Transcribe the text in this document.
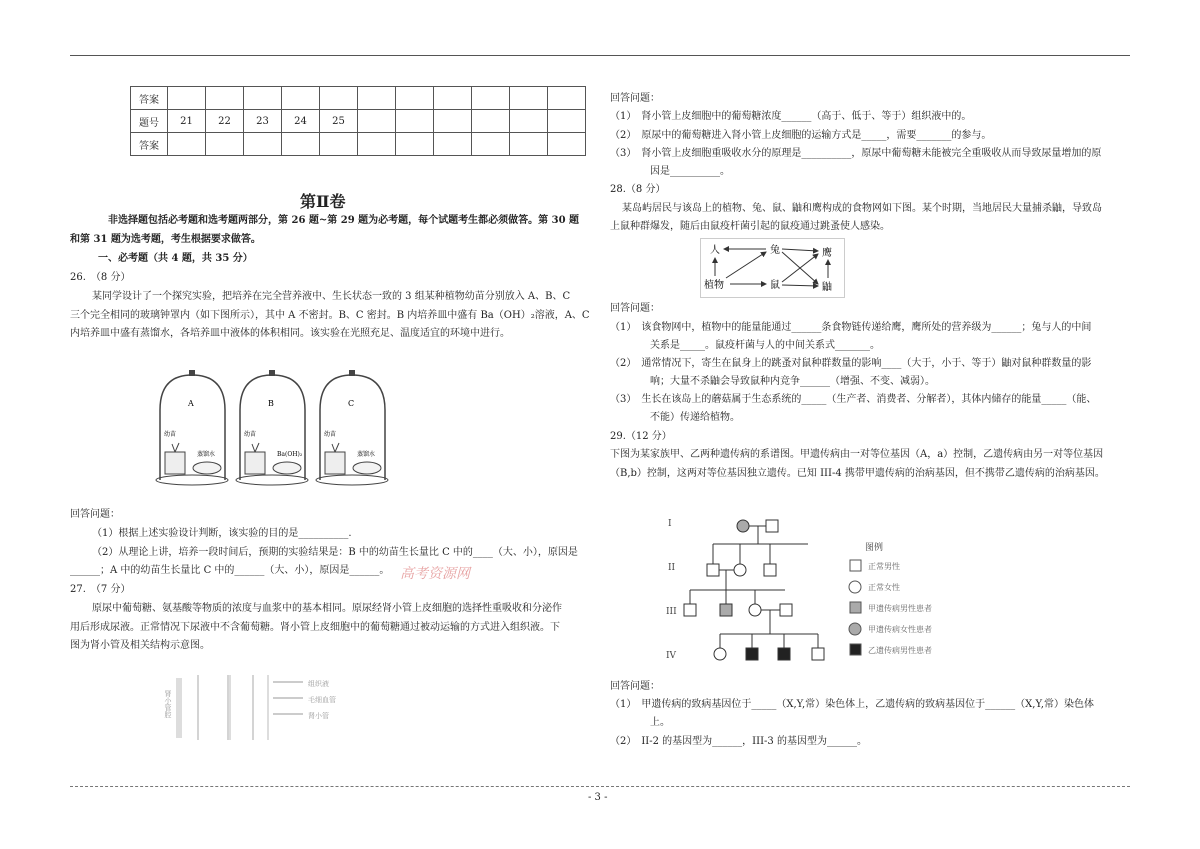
答案											
题号	21	22	23	24	25						
答案											
第Ⅱ卷
非选择题包括必考题和选考题两部分，第 26 题~第 29 题为必考题，每个试题考生都必须做答。第 30 题
和第 31 题为选考题，考生根据要求做答。
一、必考题（共 4 题，共 35 分）
26.　（8 分）
某同学设计了一个探究实验，把培养在完全营养液中、生长状态一致的 3 组某种植物幼苗分别放入 A、B、C
三个完全相同的玻璃钟罩内（如下图所示），其中 A 不密封。B、C 密封。B 内培养皿中盛有 Ba（OH）₂溶液，A、C
内培养皿中盛有蒸馏水，各培养皿中液体的体积相同。该实验在光照充足、温度适宜的环境中进行。
A
幼苗
蒸馏水
B
幼苗
Ba(OH)₂
C
幼苗
蒸馏水
回答问题：
（1）根据上述实验设计判断，该实验的目的是__________.
（2）从理论上讲，培养一段时间后，预期的实验结果是：B 中的幼苗生长量比 C 中的____（大、小），原因是
______；A 中的幼苗生长量比 C 中的______（大、小），原因是______。 高考资源网
27.　（7 分）
原尿中葡萄糖、氨基酸等物质的浓度与血浆中的基本相同。原尿经肾小管上皮细胞的选择性重吸收和分泌作
用后形成尿液。正常情况下尿液中不含葡萄糖。肾小管上皮细胞中的葡萄糖通过被动运输的方式进入组织液。下
图为肾小管及相关结构示意图。
肾小管腔
组织液
毛细血管
肾小管
回答问题：
（1）　肾小管上皮细胞中的葡萄糖浓度______（高于、低于、等于）组织液中的。
（2）　原尿中的葡萄糖进入肾小管上皮细胞的运输方式是_____，需要_______的参与。
（3）　肾小管上皮细胞重吸收水分的原理是__________，原尿中葡萄糖未能被完全重吸收从而导致尿量增加的原
　　　　因是__________。
28.（8 分）
某岛屿居民与该岛上的植物、兔、鼠、鼬和鹰构成的食物网如下图。某个时期，当地居民大量捕杀鼬，导致岛
上鼠种群爆发，随后由鼠疫杆菌引起的鼠疫通过跳蚤使人感染。
人	兔	鹰
植物	鼠	鼬
回答问题：
（1）　该食物网中，植物中的能量能通过______条食物链传递给鹰，鹰所处的营养级为______；兔与人的中间
　　　　关系是_____。鼠疫杆菌与人的中间关系式_______。
（2）　通常情况下，寄生在鼠身上的跳蚤对鼠种群数量的影响____（大于，小于、等于）鼬对鼠种群数量的影
　　　　响；大量不杀鼬会导致鼠种内竞争______（增强、不变、减弱）。
（3）　生长在该岛上的蘑菇属于生态系统的_____（生产者、消费者、分解者），其体内储存的能量_____（能、
　　　　不能）传递给植物。
29.（12 分）
下图为某家族甲、乙两种遗传病的系谱图。甲遗传病由一对等位基因（A，a）控制，乙遗传病由另一对等位基因
（B,b）控制，这两对等位基因独立遗传。已知 III-4 携带甲遗传病的治病基因，但不携带乙遗传病的治病基因。
I
II
III
IV
图例
正常男性
正常女性
甲遗传病男性患者
甲遗传病女性患者
乙遗传病男性患者
回答问题：
（1）　甲遗传病的致病基因位于_____（X,Y,常）染色体上，乙遗传病的致病基因位于______（X,Y,常）染色体
　　　　上。
（2）　II-2 的基因型为______，III-3 的基因型为______。
- 3 -
